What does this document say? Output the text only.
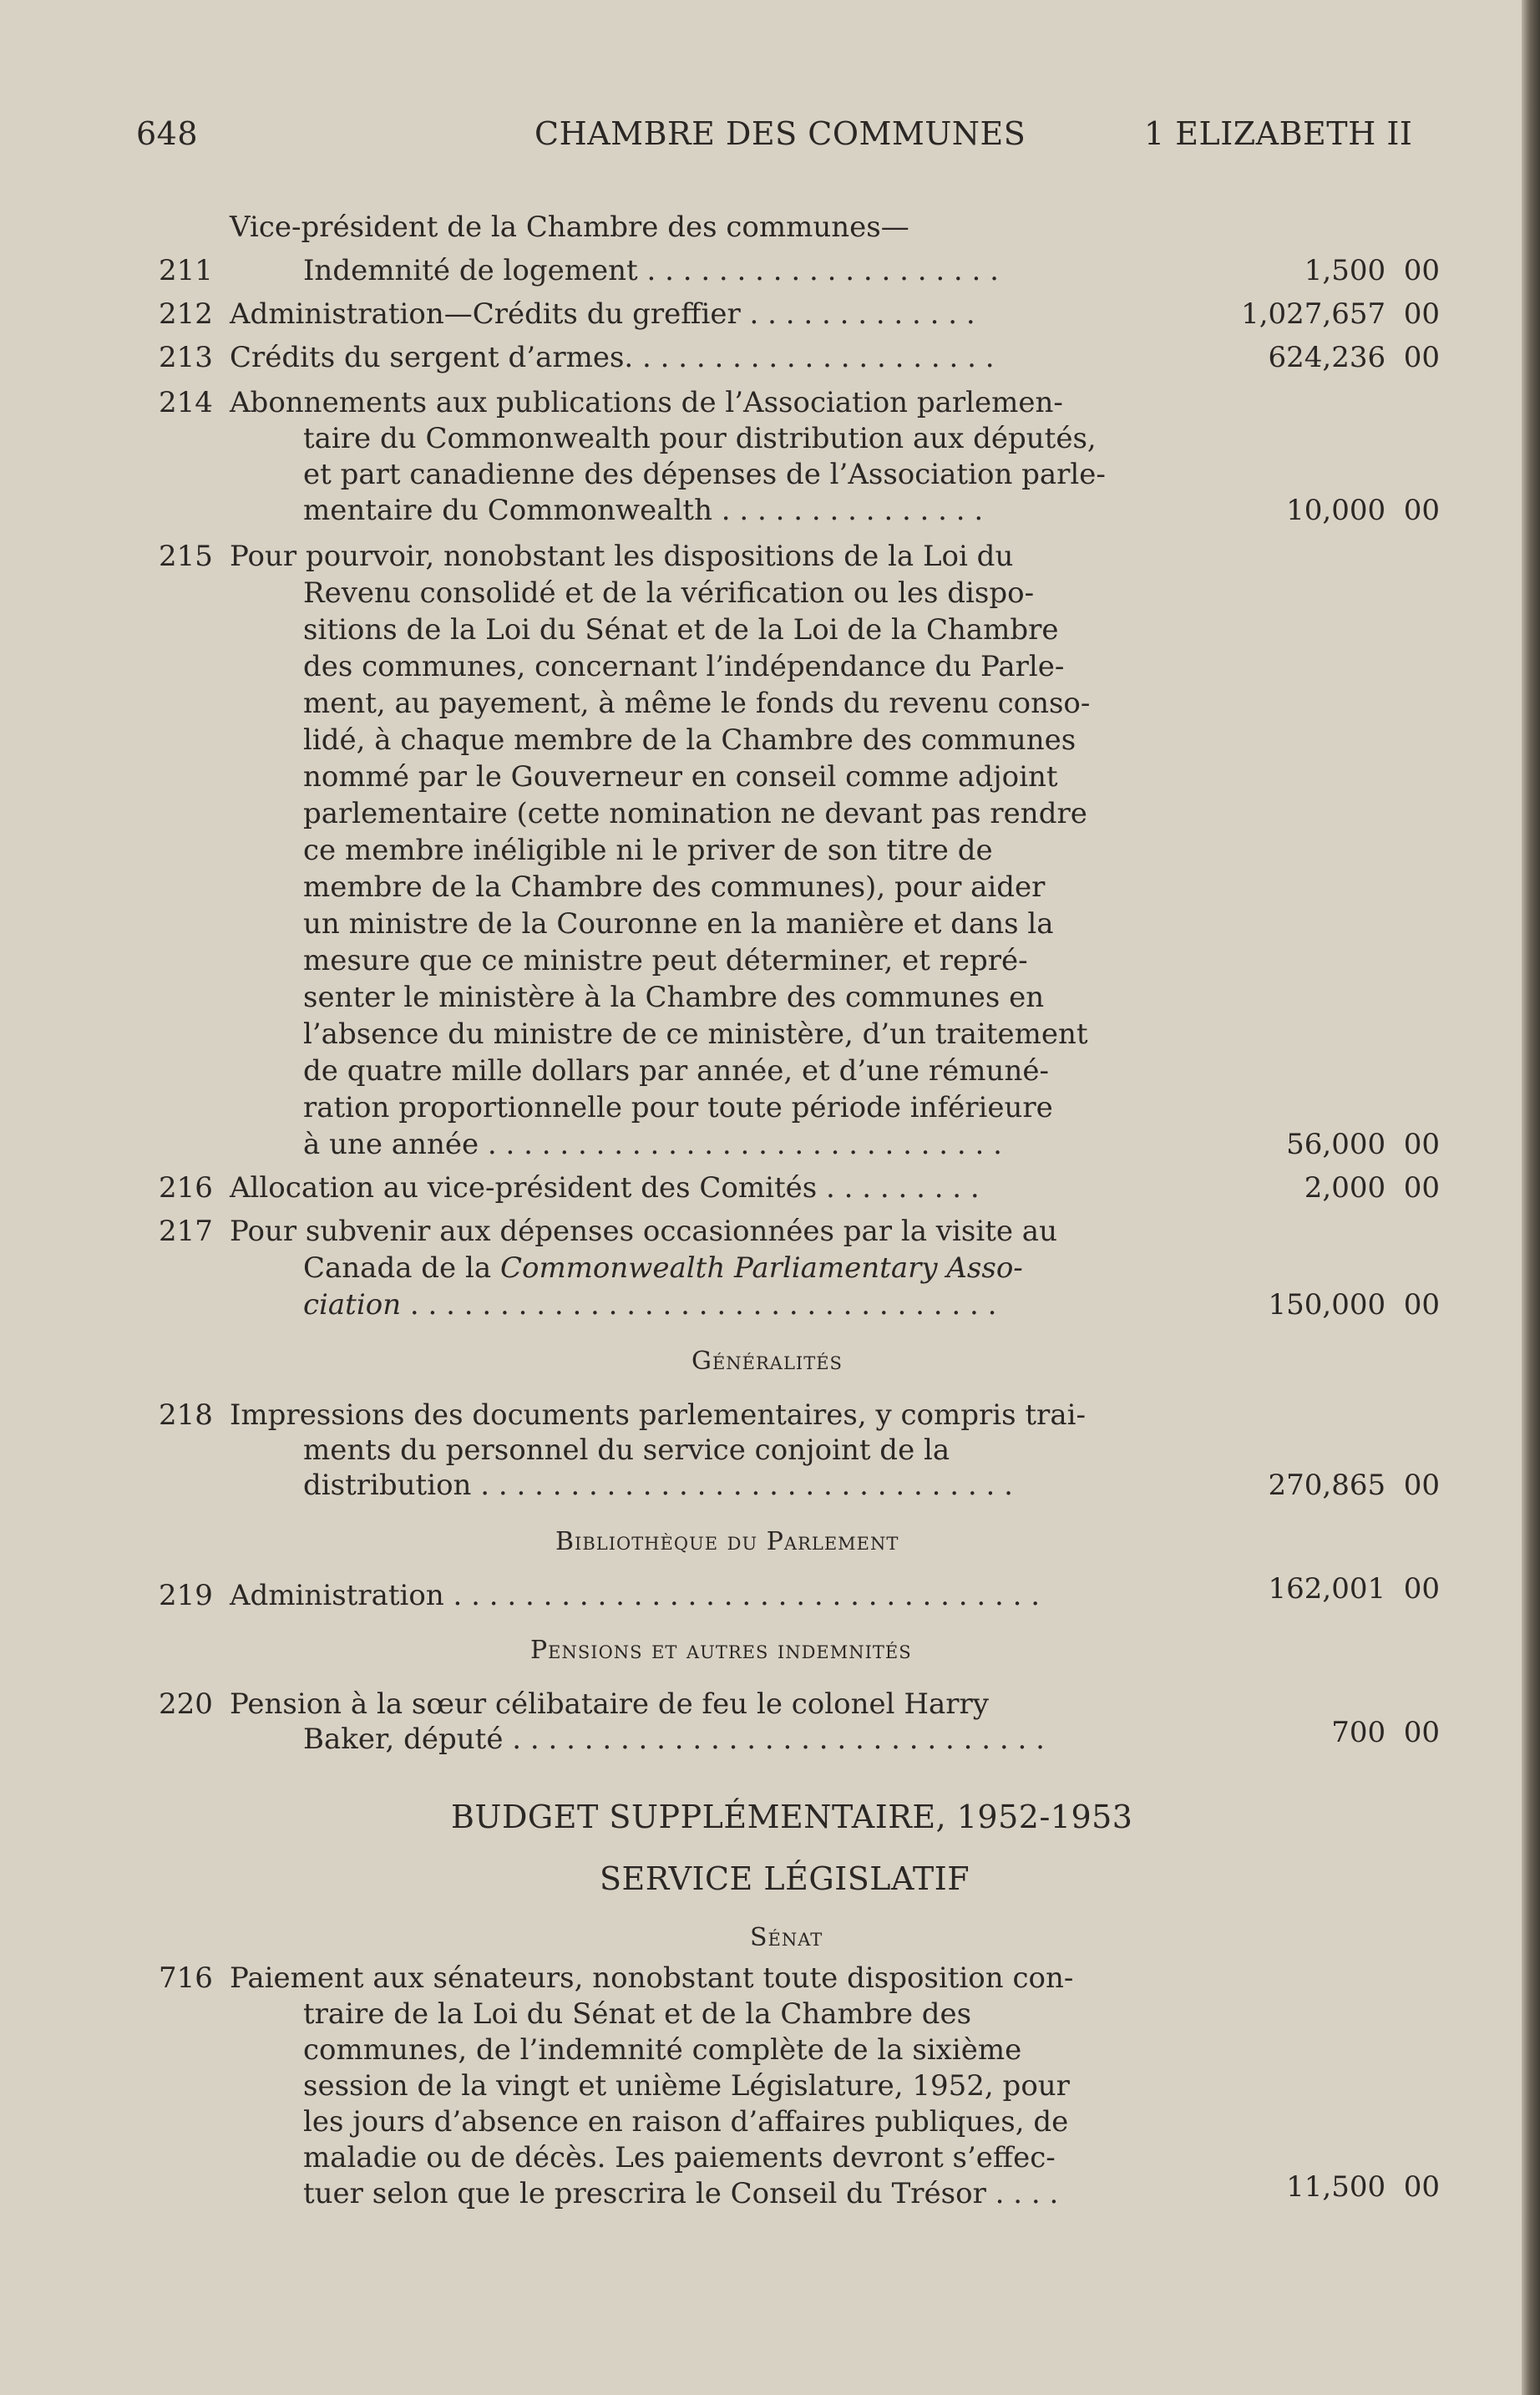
648	CHAMBRE DES COMMUNES	1 ELIZABETH II
Vice-président de la Chambre des communes—
211	Indemnité de logement . . . . . . . . . . . . . . . . . . . .	1,500  00
212 Administration—Crédits du greffier . . . . . . . . . . . . .	1,027,657  00
213 Crédits du sergent d’armes. . . . . . . . . . . . . . . . . . . . .	624,236  00
214 Abonnements aux publications de l’Association parlemen-
taire du Commonwealth pour distribution aux députés,
et part canadienne des dépenses de l’Association parle-
mentaire du Commonwealth . . . . . . . . . . . . . . .	10,000  00
215 Pour pourvoir, nonobstant les dispositions de la Loi du
Revenu consolidé et de la vérification ou les dispo-
sitions de la Loi du Sénat et de la Loi de la Chambre
des communes, concernant l’indépendance du Parle-
ment, au payement, à même le fonds du revenu conso-
lidé, à chaque membre de la Chambre des communes
nommé par le Gouverneur en conseil comme adjoint
parlementaire (cette nomination ne devant pas rendre
ce membre inéligible ni le priver de son titre de
membre de la Chambre des communes), pour aider
un ministre de la Couronne en la manière et dans la
mesure que ce ministre peut déterminer, et repré-
senter le ministère à la Chambre des communes en
l’absence du ministre de ce ministère, d’un traitement
de quatre mille dollars par année, et d’une rémuné-
ration proportionnelle pour toute période inférieure
à une année . . . . . . . . . . . . . . . . . . . . . . . . . . . . .	56,000  00
216 Allocation au vice-président des Comités . . . . . . . . .	2,000  00
217 Pour subvenir aux dépenses occasionnées par la visite au
Canada de la Commonwealth Parliamentary Asso-
ciation . . . . . . . . . . . . . . . . . . . . . . . . . . . . . . . . .	150,000  00
Généralités
218 Impressions des documents parlementaires, y compris trai-
ments du personnel du service conjoint de la
distribution . . . . . . . . . . . . . . . . . . . . . . . . . . . . . .	270,865  00
Bibliothèque du Parlement
219 Administration . . . . . . . . . . . . . . . . . . . . . . . . . . . . . . . . .	162,001  00
Pensions et autres indemnités
220 Pension à la sœur célibataire de feu le colonel Harry
Baker, député . . . . . . . . . . . . . . . . . . . . . . . . . . . . . .	700  00
BUDGET SUPPLÉMENTAIRE, 1952-1953
SERVICE LÉGISLATIF
Sénat
716 Paiement aux sénateurs, nonobstant toute disposition con-
traire de la Loi du Sénat et de la Chambre des
communes, de l’indemnité complète de la sixième
session de la vingt et unième Législature, 1952, pour
les jours d’absence en raison d’affaires publiques, de
maladie ou de décès. Les paiements devront s’effec-
tuer selon que le prescrira le Conseil du Trésor . . . .	11,500  00
